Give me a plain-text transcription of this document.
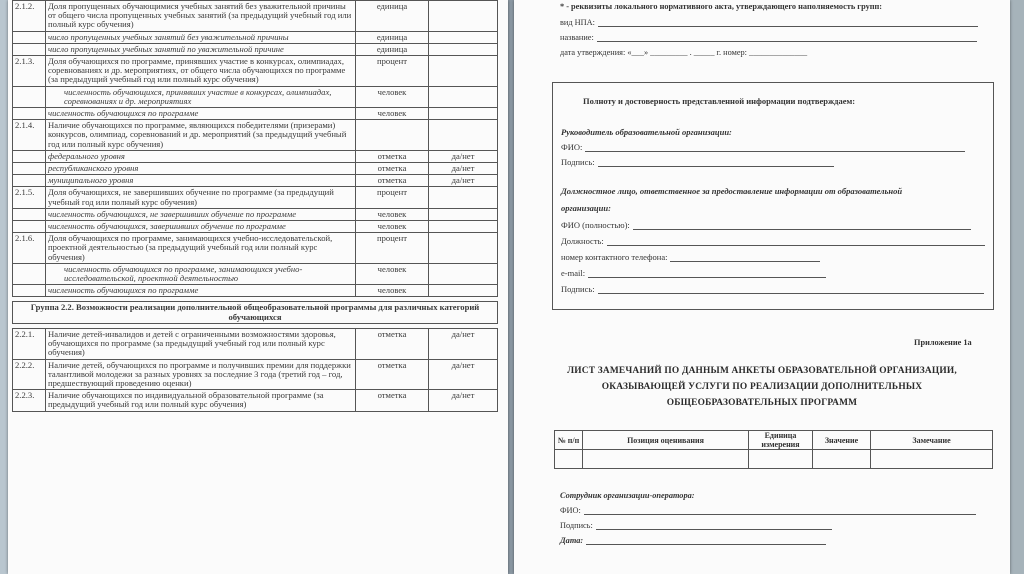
2.1.2.	Доля пропущенных обучающимися учебных занятий без уважительной причины от общего числа пропущенных учебных занятий (за предыдущий учебный год или полный курс обучения)	единица	
	число пропущенных учебных занятий без уважительной причины	единица	
	число пропущенных учебных занятий по уважительной причине	единица	
2.1.3.	Доля обучающихся по программе, принявших участие в конкурсах, олимпиадах, соревнованиях и др. мероприятиях, от общего числа обучающихся по программе (за предыдущий учебный год или полный курс обучения)	процент	
	численность обучающихся, принявших участие в конкурсах, олимпиадах, соревнованиях и др. мероприятиях	человек	
	численность обучающихся по программе	человек	
2.1.4.	Наличие обучающихся по программе, являющихся победителями (призерами) конкурсов, олимпиад, соревнований и др. мероприятий (за предыдущий учебный год или полный курс обучения)		
	федерального уровня	отметка	да/нет
	республиканского уровня	отметка	да/нет
	муниципального уровня	отметка	да/нет
2.1.5.	Доля обучающихся, не завершивших обучение по программе (за предыдущий учебный год или полный курс обучения)	процент	
	численность обучающихся, не завершивших обучение по программе	человек	
	численность обучающихся, завершивших обучение по программе	человек	
2.1.6.	Доля обучающихся по программе, занимающихся учебно-исследовательской, проектной деятельностью (за предыдущий учебный год или полный курс обучения)	процент	
	численность обучающихся по программе, занимающихся учебно-исследовательской, проектной деятельностью	человек	
	численность обучающихся по программе	человек	

Группа 2.2. Возможности реализации дополнительной общеобразовательной программы для различных категорий обучающихся			

2.2.1.	Наличие детей-инвалидов и детей с ограниченными возможностями здоровья, обучающихся по программе (за предыдущий учебный год или полный курс обучения)	отметка	да/нет
2.2.2.	Наличие детей, обучающихся по программе и получивших премии для поддержки талантливой молодежи за разных уровнях за последние 3 года (третий год – год, предшествующий проведению оценки)	отметка	да/нет
2.2.3.	Наличие обучающихся по индивидуальной образовательной программе (за предыдущий учебный год или полный курс обучения)	отметка	да/нет
* - реквизиты локального нормативного акта, утверждающего наполняемость групп:
вид НПА:
название:
дата утверждения: «___» _________ . _____ г. номер: ______________
Полноту и достоверность представленной информации подтверждаем:
Руководитель образовательной организации:
ФИО:
Подпись:
Должностное лицо, ответственное за предоставление информации от образовательной
организации:
ФИО (полностью):
Должность:
номер контактного телефона:
e-mail:
Подпись:
Приложение 1а
ЛИСТ ЗАМЕЧАНИЙ ПО ДАННЫМ АНКЕТЫ ОБРАЗОВАТЕЛЬНОЙ ОРГАНИЗАЦИИ,
ОКАЗЫВАЮЩЕЙ УСЛУГИ ПО РЕАЛИЗАЦИИ ДОПОЛНИТЕЛЬНЫХ
ОБЩЕОБРАЗОВАТЕЛЬНЫХ ПРОГРАММ
№ п/п	Позиция оценивания	Единица измерения	Значение	Замечание

Сотрудник организации-оператора:
ФИО:
Подпись:
Дата:
